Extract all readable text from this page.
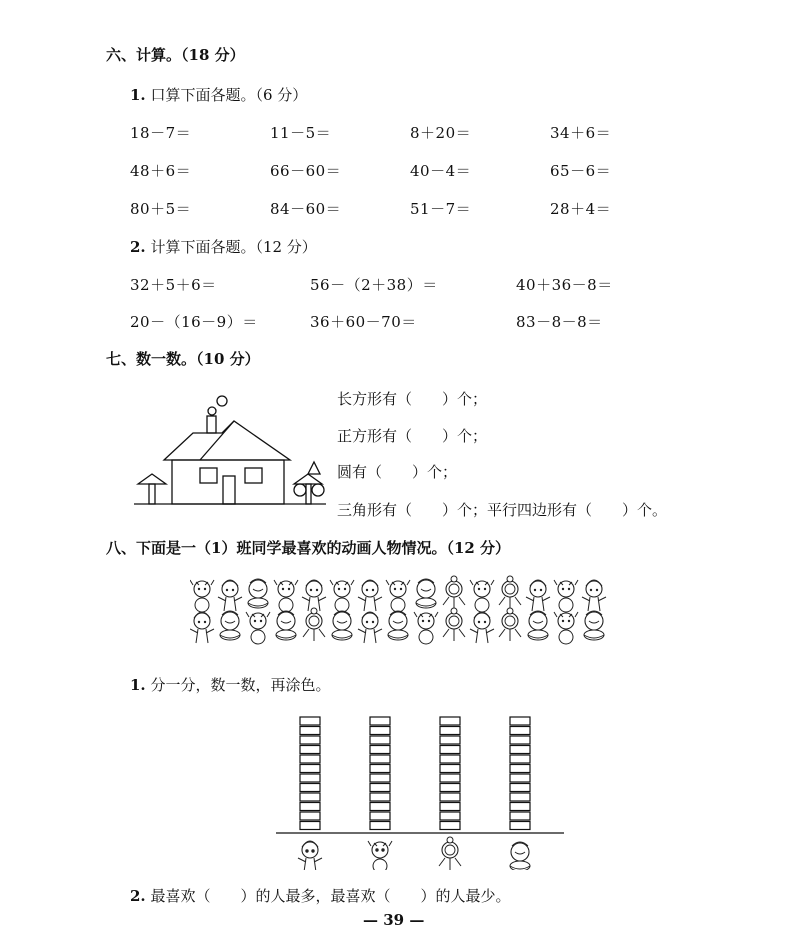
六、计算。（18 分）
1. 口算下面各题。（6 分）
18－7＝	11－5＝	8＋20＝	34＋6＝
48＋6＝	66－60＝	40－4＝	65－6＝
80＋5＝	84－60＝	51－7＝	28＋4＝
2. 计算下面各题。（12 分）
32＋5＋6＝	56－（2＋38）＝	40＋36－8＝
20－（16－9）＝	36＋60－70＝	83－8－8＝
七、数一数。（10 分）
长方形有（　　）个；
正方形有（　　）个；
圆有（　　）个；
三角形有（　　）个；平行四边形有（　　）个。
八、下面是一（1）班同学最喜欢的动画人物情况。（12 分）
1. 分一分，数一数，再涂色。
2. 最喜欢（　　）的人最多，最喜欢（　　）的人最少。
— 39 —
